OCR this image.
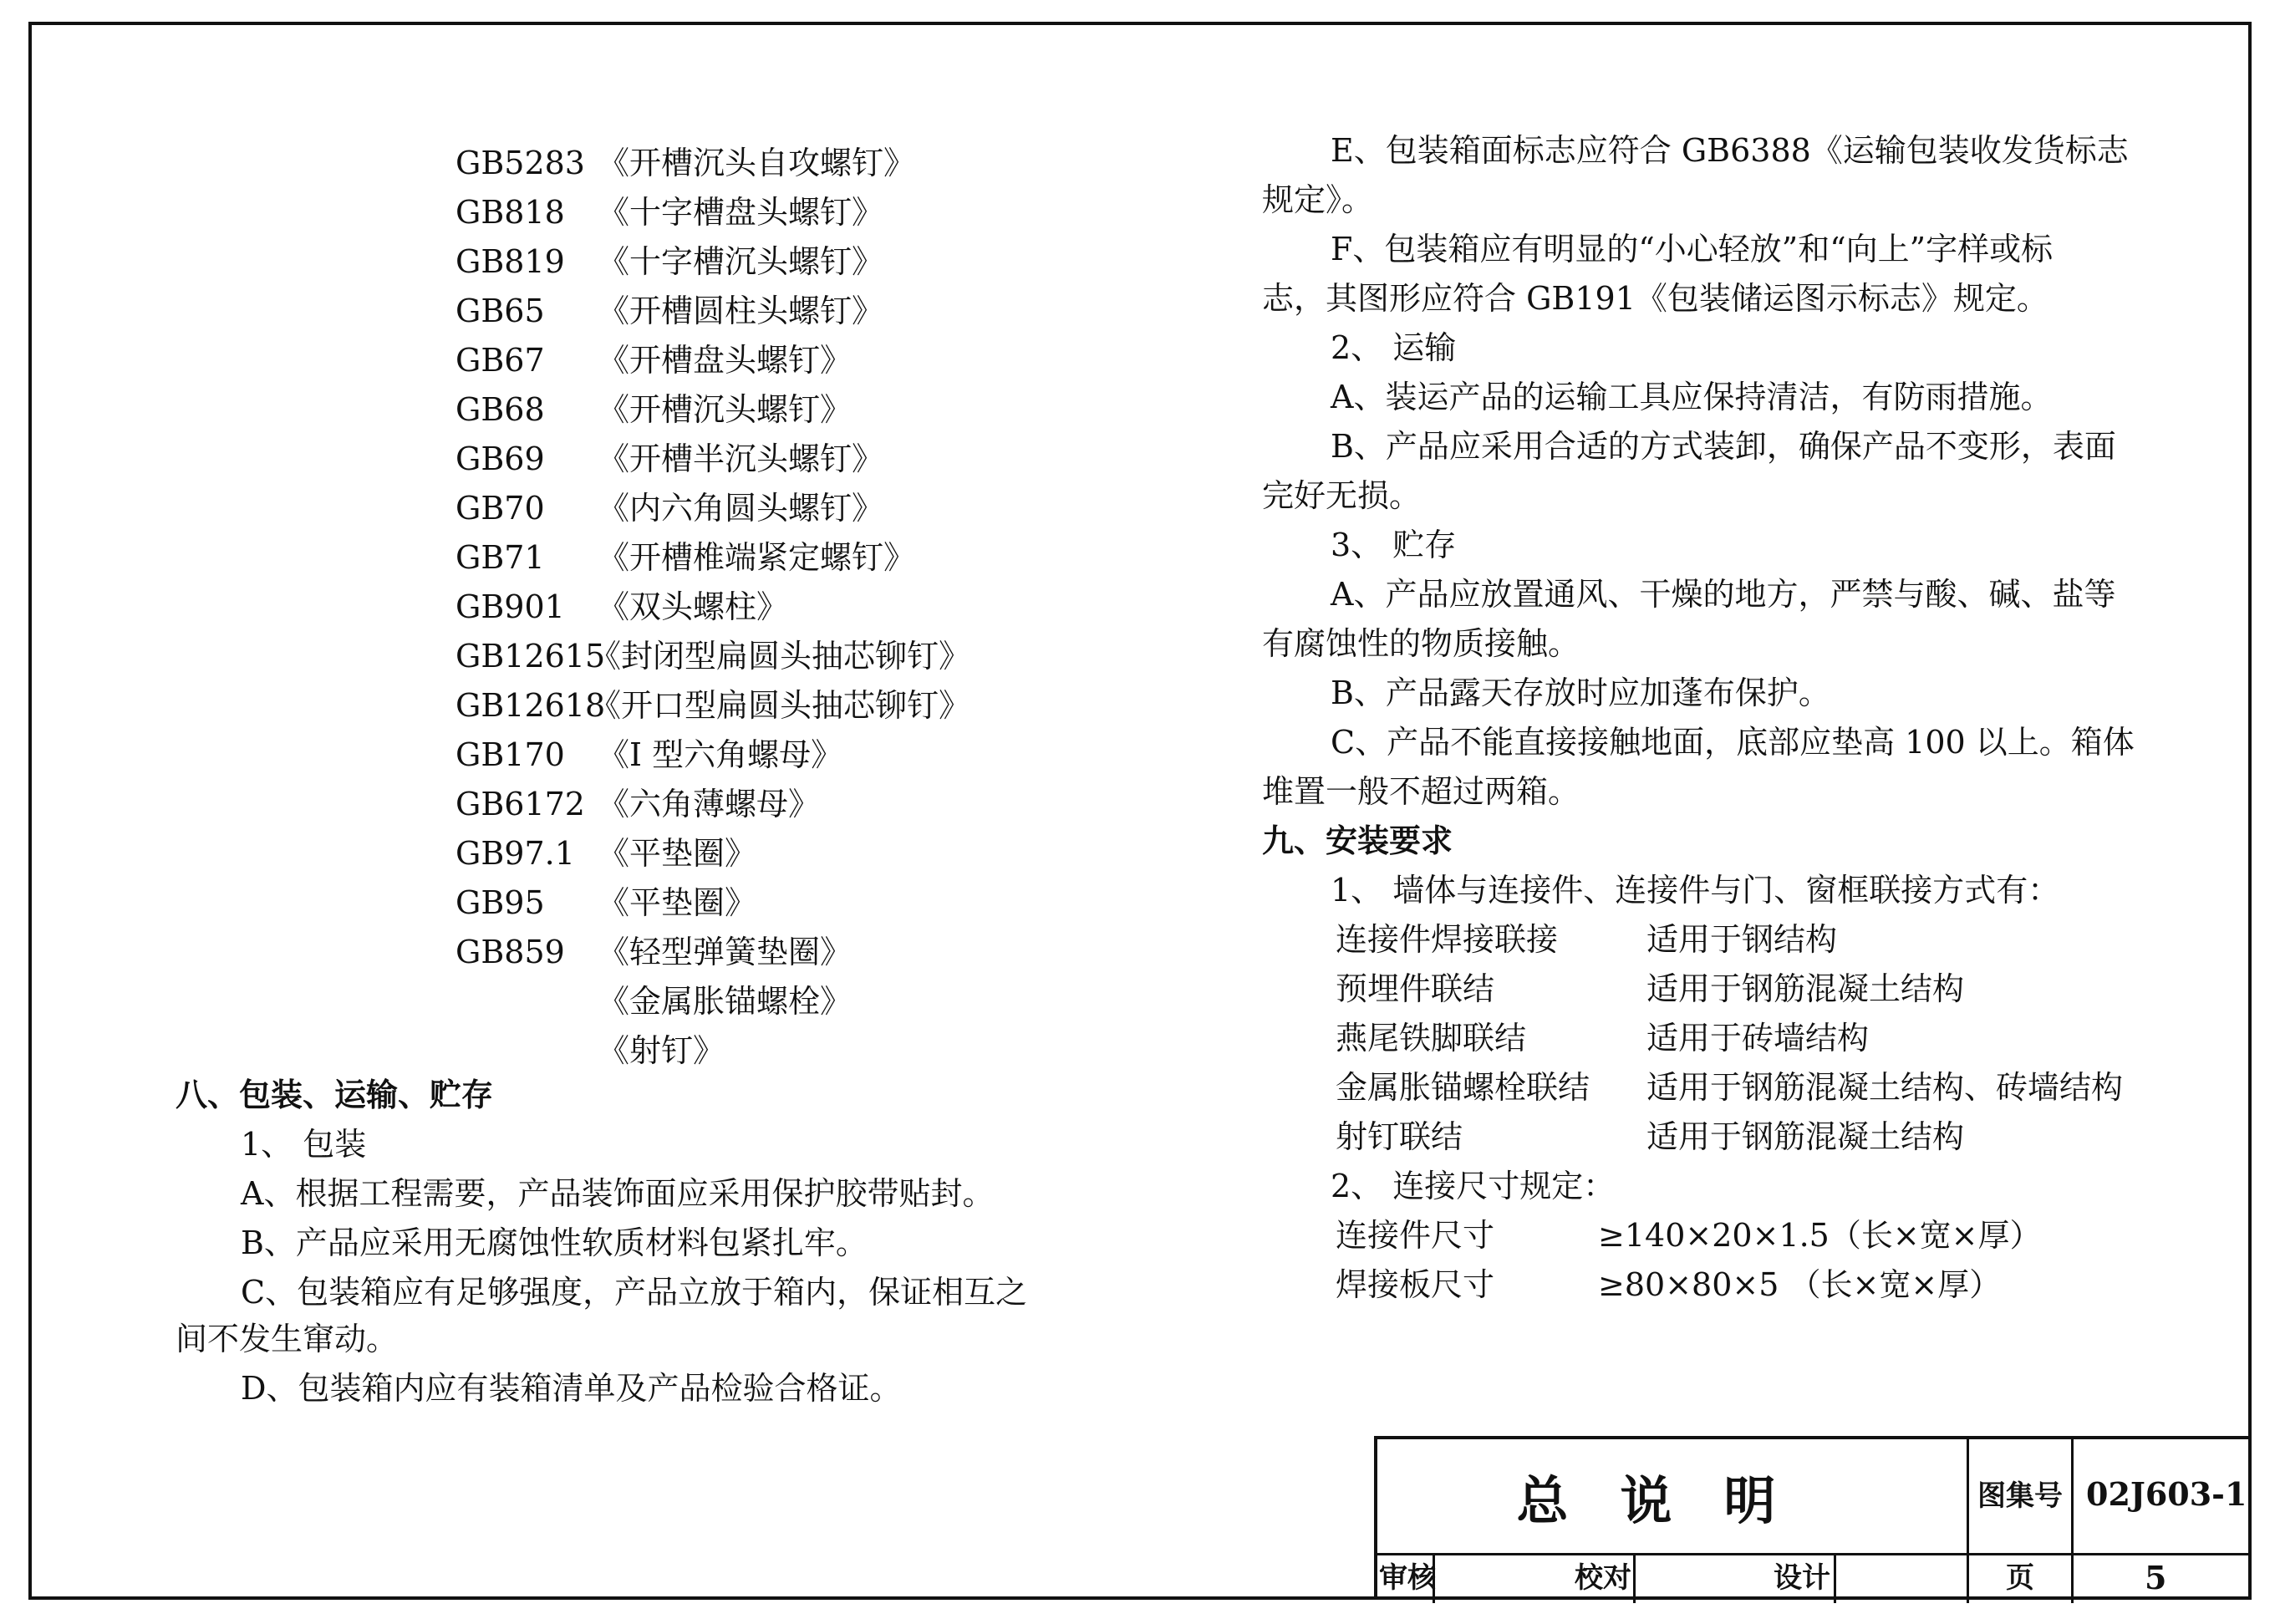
GB5283 《开槽沉头自攻螺钉》
GB818 《十字槽盘头螺钉》
GB819 《十字槽沉头螺钉》
GB65 《开槽圆柱头螺钉》
GB67 《开槽盘头螺钉》
GB68 《开槽沉头螺钉》
GB69 《开槽半沉头螺钉》
GB70 《内六角圆头螺钉》
GB71 《开槽椎端紧定螺钉》
GB901 《双头螺柱》
GB12615《封闭型扁圆头抽芯铆钉》
GB12618《开口型扁圆头抽芯铆钉》
GB170 《I 型六角螺母》
GB6172 《六角薄螺母》
GB97.1 《平垫圈》
GB95 《平垫圈》
GB859 《轻型弹簧垫圈》
《金属胀锚螺栓》
《射钉》
八、包装、运输、贮存
1、 包装
A、根据工程需要，产品装饰面应采用保护胶带贴封。
B、产品应采用无腐蚀性软质材料包紧扎牢。
C、包装箱应有足够强度，产品立放于箱内，保证相互之
间不发生窜动。
D、包装箱内应有装箱清单及产品检验合格证。
E、包装箱面标志应符合 GB6388《运输包装收发货标志
规定》。
F、包装箱应有明显的“小心轻放”和“向上”字样或标
志，其图形应符合 GB191《包装储运图示标志》规定。
2、 运输
A、装运产品的运输工具应保持清洁，有防雨措施。
B、产品应采用合适的方式装卸，确保产品不变形，表面
完好无损。
3、 贮存
A、产品应放置通风、干燥的地方，严禁与酸、碱、盐等
有腐蚀性的物质接触。
B、产品露天存放时应加蓬布保护。
C、产品不能直接接触地面，底部应垫高 100 以上。箱体
堆置一般不超过两箱。
九、安装要求
1、 墙体与连接件、连接件与门、窗框联接方式有：
连接件焊接联接	适用于钢结构
预埋件联结	适用于钢筋混凝土结构
燕尾铁脚联结	适用于砖墙结构
金属胀锚螺栓联结 适用于钢筋混凝土结构、砖墙结构
射钉联结	适用于钢筋混凝土结构
2、 连接尺寸规定：
连接件尺寸	≥140×20×1.5（长×宽×厚）
焊接板尺寸	≥80×80×5 （长×宽×厚）
总说明	图集号 02J603-1
审核	校对	设计	页	5
